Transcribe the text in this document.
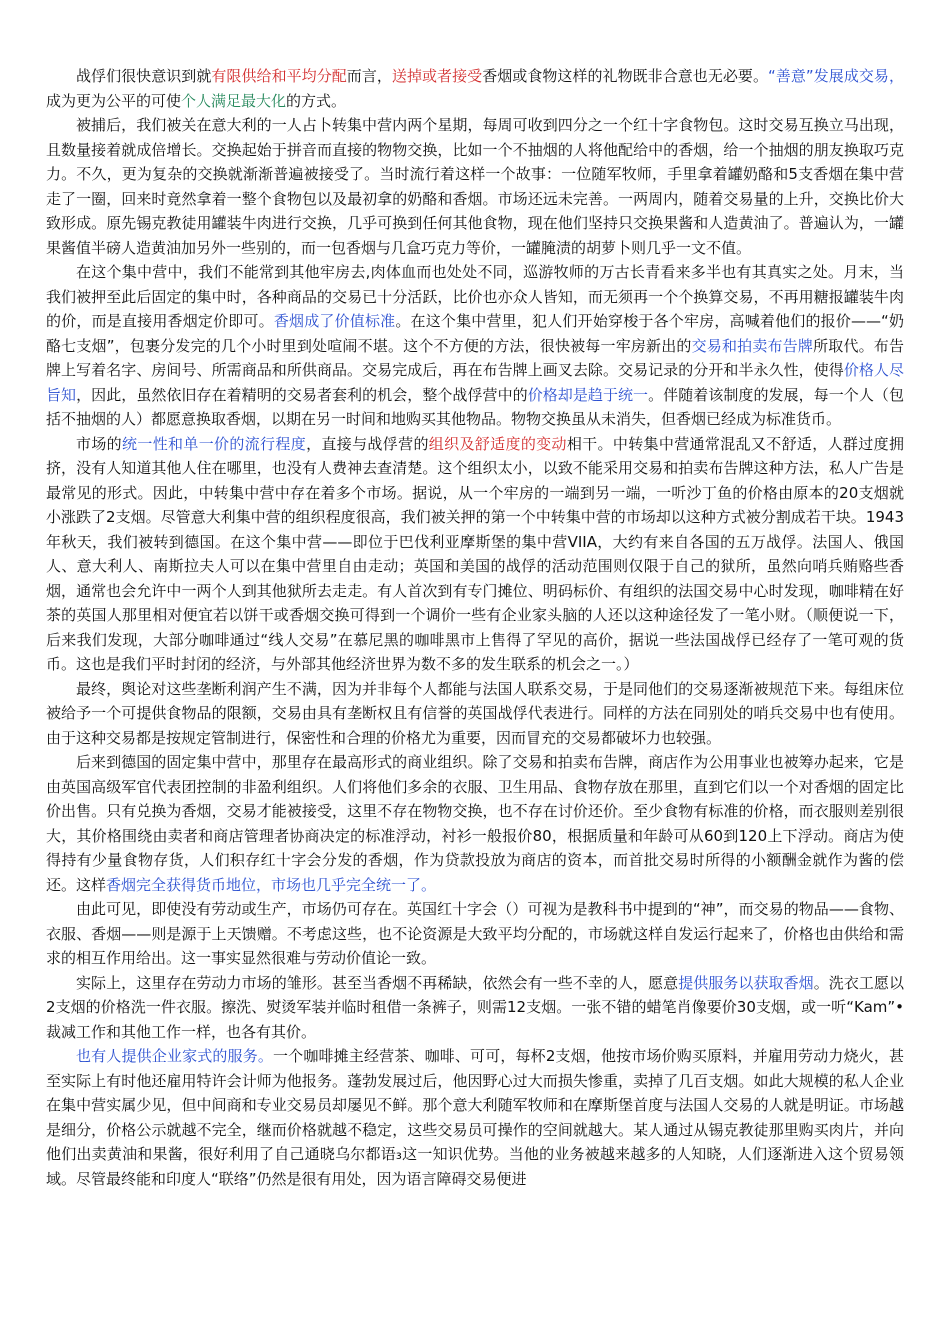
战俘们很快意识到就有限供给和平均分配而言，送掉或者接受香烟或食物这样的礼物既非合意也无必要。“善意”发展成交易，成为更为公平的可使个人满足最大化的方式。

被捕后，我们被关在意大利的一人占卜转集中营内两个星期，每周可收到四分之一个红十字食物包。这时交易互换立马出现，且数量接着就成倍增长。交换起始于拼音而直接的物物交换，比如一个不抽烟的人将他配给中的香烟，给一个抽烟的朋友换取巧克力。不久，更为复杂的交换就渐渐普遍被接受了。当时流行着这样一个故事：一位随军牧师，手里拿着罐奶酪和5支香烟在集中营走了一圈，回来时竟然拿着一整个食物包以及最初拿的奶酪和香烟。市场还远未完善。一两周内，随着交易量的上升，交换比价大致形成。原先锡克教徒用罐装牛肉进行交换，几乎可换到任何其他食物，现在他们坚持只交换果酱和人造黄油了。普遍认为，一罐果酱值半磅人造黄油加另外一些别的，而一包香烟与几盒巧克力等价，一罐腌渍的胡萝卜则几乎一文不值。

在这个集中营中，我们不能常到其他牢房去,肉体血而也处处不同，巡游牧师的万古长青看来多半也有其真实之处。月末，当我们被押至此后固定的集中时，各种商品的交易已十分活跃，比价也亦众人皆知，而无须再一个个换算交易，不再用糖报罐装牛肉的价，而是直接用香烟定价即可。香烟成了价值标准。在这个集中营里，犯人们开始穿梭于各个牢房，高喊着他们的报价——“奶酪七支烟”，包裹分发完的几个小时里到处喧闹不堪。这个不方便的方法，很快被每一牢房新出的交易和拍卖布告牌所取代。布告牌上写着名字、房间号、所需商品和所供商品。交易完成后，再在布告牌上画叉去除。交易记录的分开和半永久性，使得价格人尽旨知，因此，虽然依旧存在着精明的交易者套利的机会，整个战俘营中的价格却是趋于统一。伴随着该制度的发展，每一个人（包括不抽烟的人）都愿意换取香烟，以期在另一时间和地购买其他物品。物物交换虽从未消失，但香烟已经成为标准货币。

市场的统一性和单一价的流行程度，直接与战俘营的组织及舒适度的变动相干。中转集中营通常混乱又不舒适，人群过度拥挤，没有人知道其他人住在哪里，也没有人费神去查清楚。这个组织太小，以致不能采用交易和拍卖布告牌这种方法，私人广告是最常见的形式。因此，中转集中营中存在着多个市场。据说，从一个牢房的一端到另一端，一听沙丁鱼的价格由原本的20支烟就小涨跌了2支烟。尽管意大利集中营的组织程度很高，我们被关押的第一个中转集中营的市场却以这种方式被分割成若干块。1943年秋天，我们被转到德国。在这个集中营——即位于巴伐利亚摩斯堡的集中营VIIA，大约有来自各国的五万战俘。法国人、俄国人、意大利人、南斯拉夫人可以在集中营里自由走动；英国和美国的战俘的活动范围则仅限于自己的狱所，虽然向哨兵贿赂些香烟，通常也会允许中一两个人到其他狱所去走走。有人首次到有专门摊位、明码标价、有组织的法国交易中心时发现，咖啡精在好茶的英国人那里相对便宜若以饼干或香烟交换可得到一个调价一些有企业家头脑的人还以这种途径发了一笔小财。（顺便说一下，后来我们发现，大部分咖啡通过“线人交易”在慕尼黑的咖啡黑市上售得了罕见的高价，据说一些法国战俘已经存了一笔可观的货币。这也是我们平时封闭的经济，与外部其他经济世界为数不多的发生联系的机会之一。）

最终，舆论对这些垄断利润产生不满，因为并非每个人都能与法国人联系交易，于是同他们的交易逐渐被规范下来。每组床位被给予一个可提供食物品的限额，交易由具有垄断权且有信誉的英国战俘代表进行。同样的方法在同别处的哨兵交易中也有使用。由于这种交易都是按规定管制进行，保密性和合理的价格尤为重要，因而冒充的交易都破坏力也较强。

后来到德国的固定集中营中，那里存在最高形式的商业组织。除了交易和拍卖布告牌，商店作为公用事业也被筹办起来，它是由英国高级军官代表团控制的非盈利组织。人们将他们多余的衣服、卫生用品、食物存放在那里，直到它们以一个对香烟的固定比价出售。只有兑换为香烟，交易才能被接受，这里不存在物物交换，也不存在讨价还价。至少食物有标准的价格，而衣服则差别很大，其价格围绕由卖者和商店管理者协商决定的标准浮动，衬衫一般报价80，根据质量和年龄可从60到120上下浮动。商店为使得持有少量食物存货，人们积存红十字会分发的香烟，作为贷款投放为商店的资本，而首批交易时所得的小额酬金就作为酱的偿还。这样香烟完全获得货币地位，市场也几乎完全统一了。

由此可见，即使没有劳动或生产，市场仍可存在。英国红十字会（）可视为是教科书中提到的“神”，而交易的物品——食物、衣服、香烟——则是源于上天馈赠。不考虑这些，也不论资源是大致平均分配的，市场就这样自发运行起来了，价格也由供给和需求的相互作用给出。这一事实显然很难与劳动价值论一致。

实际上，这里存在劳动力市场的雏形。甚至当香烟不再稀缺，依然会有一些不幸的人，愿意提供服务以获取香烟。洗衣工愿以2支烟的价格洗一件衣服。擦洗、熨烫军装并临时租借一条裤子，则需12支烟。一张不错的蜡笔肖像要价30支烟，或一听“Kam”•裁减工作和其他工作一样，也各有其价。

也有人提供企业家式的服务。一个咖啡摊主经营茶、咖啡、可可，每杯2支烟，他按市场价购买原料，并雇用劳动力烧火，甚至实际上有时他还雇用特许会计师为他报务。蓬勃发展过后，他因野心过大而损失惨重，卖掉了几百支烟。如此大规模的私人企业在集中营实属少见，但中间商和专业交易员却屡见不鲜。那个意大利随军牧师和在摩斯堡首度与法国人交易的人就是明证。市场越是细分，价格公示就越不完全，继而价格就越不稳定，这些交易员可操作的空间就越大。某人通过从锡克教徒那里购买肉片，并向他们出卖黄油和果酱，很好利用了自己通晓乌尔都语₃这一知识优势。当他的业务被越来越多的人知晓，人们逐渐进入这个贸易领域。尽管最终能和印度人“联络”仍然是很有用处，因为语言障碍交易便进
